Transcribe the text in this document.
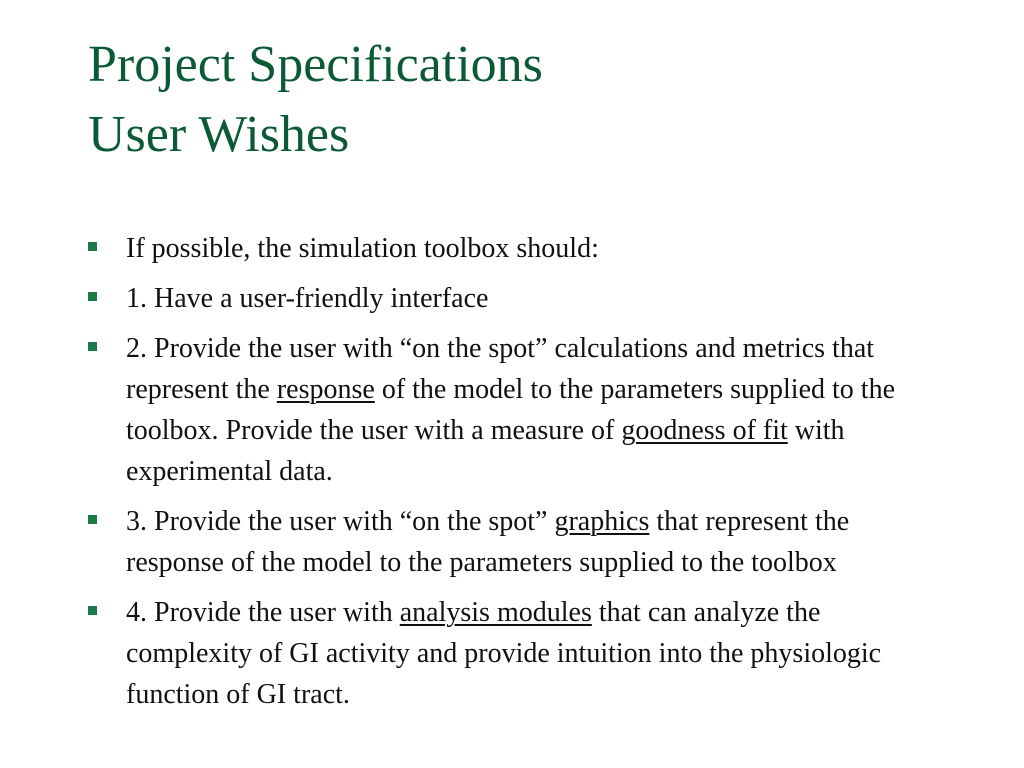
Project Specifications
User Wishes
If possible, the simulation toolbox should:
1. Have a user-friendly interface
2. Provide the user with “on the spot” calculations and metrics that represent the response of the model to the parameters supplied to the toolbox. Provide the user with a measure of goodness of fit with experimental data.
3. Provide the user with “on the spot” graphics that represent the response of the model to the parameters supplied to the toolbox
4. Provide the user with analysis modules that can analyze the complexity of GI activity and provide intuition into the physiologic function of GI tract.
